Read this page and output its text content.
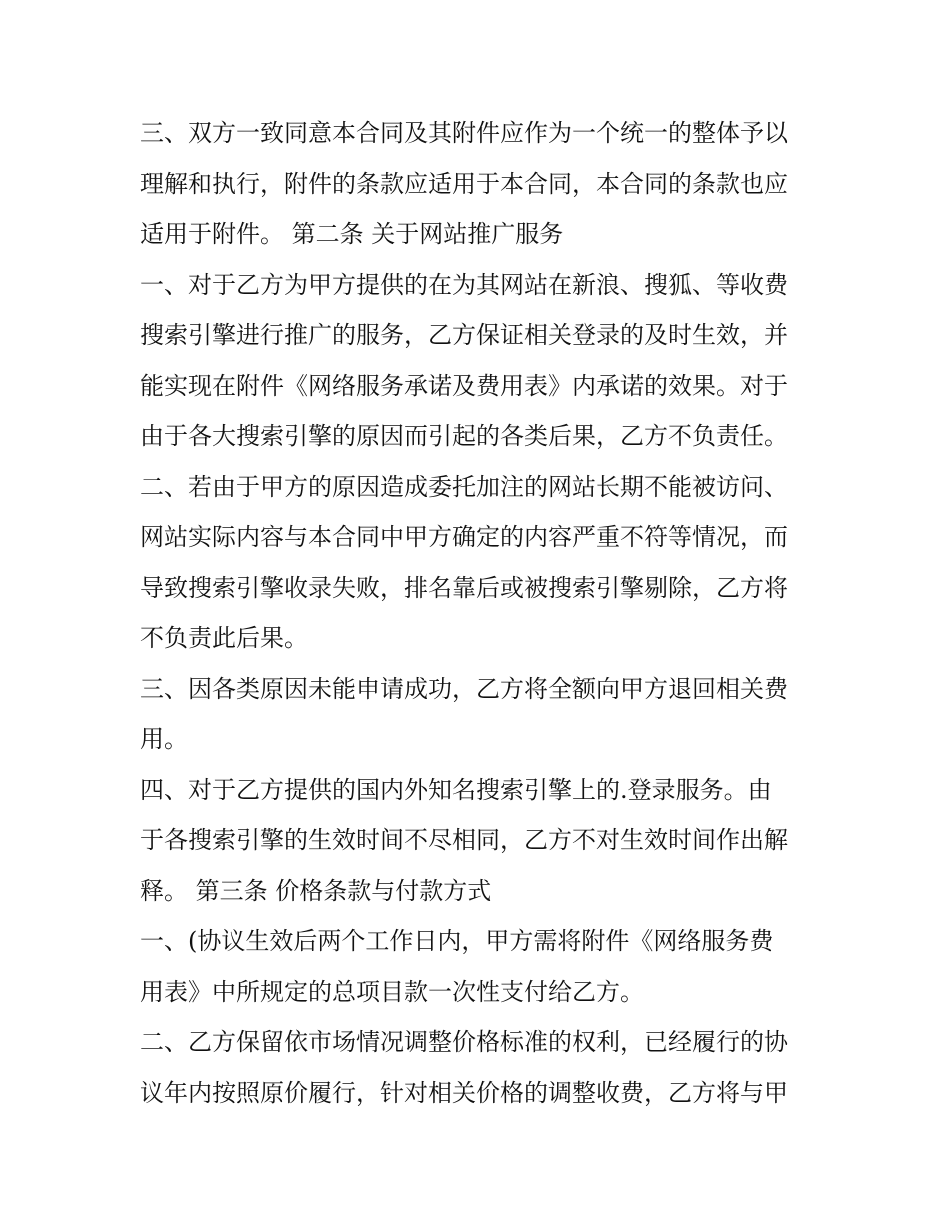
三、双方一致同意本合同及其附件应作为一个统一的整体予以
理解和执行，附件的条款应适用于本合同，本合同的条款也应
适用于附件。 第二条 关于网站推广服务
一、对于乙方为甲方提供的在为其网站在新浪、搜狐、等收费
搜索引擎进行推广的服务，乙方保证相关登录的及时生效，并
能实现在附件《网络服务承诺及费用表》内承诺的效果。对于
由于各大搜索引擎的原因而引起的各类后果，乙方不负责任。
二、若由于甲方的原因造成委托加注的网站长期不能被访问、
网站实际内容与本合同中甲方确定的内容严重不符等情况，而
导致搜索引擎收录失败，排名靠后或被搜索引擎剔除，乙方将
不负责此后果。
三、因各类原因未能申请成功，乙方将全额向甲方退回相关费
用。
四、对于乙方提供的国内外知名搜索引擎上的.登录服务。由
于各搜索引擎的生效时间不尽相同，乙方不对生效时间作出解
释。 第三条 价格条款与付款方式
一、(协议生效后两个工作日内，甲方需将附件《网络服务费
用表》中所规定的总项目款一次性支付给乙方。
二、乙方保留依市场情况调整价格标准的权利，已经履行的协
议年内按照原价履行，针对相关价格的调整收费，乙方将与甲
